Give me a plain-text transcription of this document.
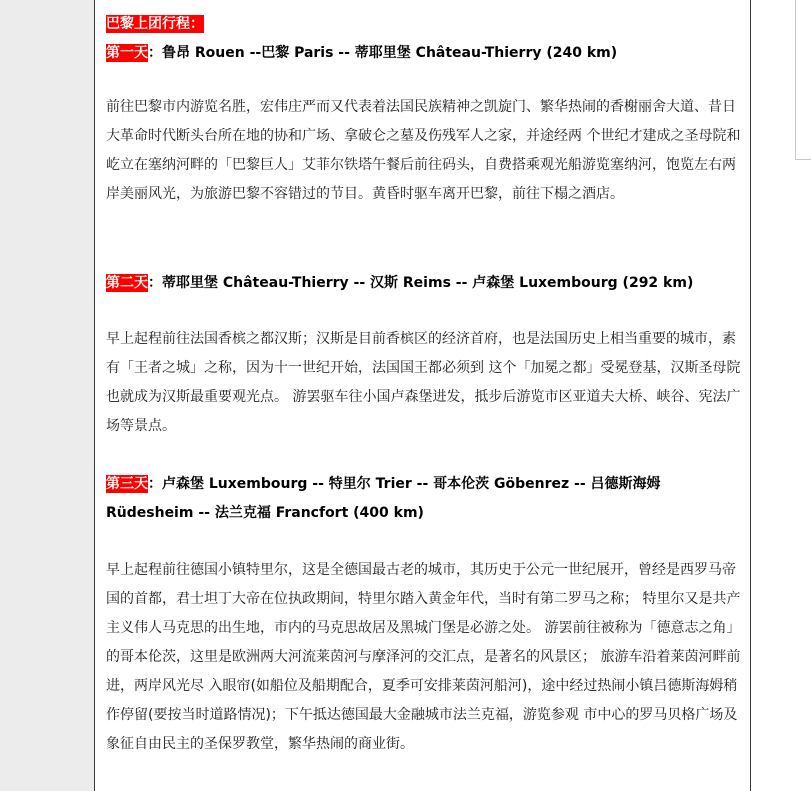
巴黎上团行程：
第一天：鲁昂 Rouen --巴黎 Paris -- 蒂耶里堡 Château-Thierry (240 km)
前往巴黎市内游览名胜，宏伟庄严而又代表着法国民族精神之凯旋门、繁华热闹的香榭丽舍大道、昔日大革命时代断头台所在地的协和广场、拿破仑之墓及伤残军人之家，并途经两 个世纪才建成之圣母院和屹立在塞纳河畔的「巴黎巨人」艾菲尔铁塔午餐后前往码头，自费搭乘观光船游览塞纳河，饱览左右两岸美丽风光，为旅游巴黎不容错过的节目。黄昏时驱车离开巴黎，前往下榻之酒店。
第二天：蒂耶里堡 Château-Thierry -- 汉斯 Reims -- 卢森堡 Luxembourg (292 km)
早上起程前往法国香槟之都汉斯；汉斯是目前香槟区的经济首府，也是法国历史上相当重要的城市，素有「王者之城」之称，因为十一世纪开始，法国国王都必须到 这个「加冕之都」受冕登基，汉斯圣母院也就成为汉斯最重要观光点。 游罢驱车往小国卢森堡进发，抵步后游览市区亚道夫大桥、峡谷、宪法广场等景点。
第三天：卢森堡 Luxembourg -- 特里尔 Trier -- 哥本伦茨 Göbenrez -- 吕德斯海姆 Rüdesheim -- 法兰克福 Francfort (400 km)
早上起程前往德国小镇特里尔，这是全德国最古老的城市，其历史于公元一世纪展开，曾经是西罗马帝国的首都，君士坦丁大帝在位执政期间，特里尔踏入黄金年代，当时有第二罗马之称； 特里尔又是共产主义伟人马克思的出生地，市内的马克思故居及黑城门堡是必游之处。 游罢前往被称为「德意志之角」的哥本伦茨，这里是欧洲两大河流莱茵河与摩泽河的交汇点，是著名的风景区； 旅游车沿着莱茵河畔前进，两岸风光尽 入眼帘(如船位及船期配合，夏季可安排莱茵河船河)，途中经过热闹小镇吕德斯海姆稍作停留(要按当时道路情况)；下午抵达德国最大金融城市法兰克福，游览参观 市中心的罗马贝格广场及象征自由民主的圣保罗教堂，繁华热闹的商业街。
